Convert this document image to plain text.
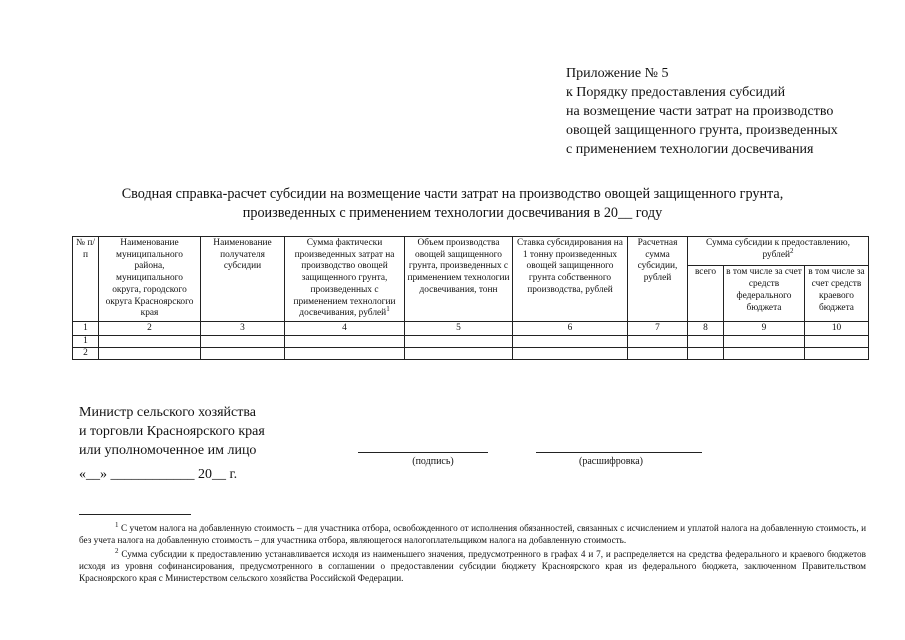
Приложение № 5
к Порядку предоставления субсидий
на возмещение части затрат на производство
овощей защищенного грунта, произведенных
с применением технологии досвечивания
Сводная справка-расчет субсидии на возмещение части затрат на производство овощей защищенного грунта,
произведенных с применением технологии досвечивания в 20__ году
№ п/п	Наименование муниципального района, муниципального округа, городского округа Красноярского края	Наименование получателя субсидии	Сумма фактически произведенных затрат на производство овощей защищенного грунта, произведенных с применением технологии досвечивания, рублей$^1$	Объем производства овощей защищенного грунта, произведенных с применением технологии досвечивания, тонн	Ставка субсидирования на 1 тонну произведенных овощей защищенного грунта собственного производства, рублей	Расчетная сумма субсидии, рублей	Сумма субсидии к предоставлению, рублей$^2$
							всего	в том числе за счет средств федерального бюджета	в том числе за счет средств краевого бюджета
1	2	3	4	5	6	7	8	9	10
1									
2									
Министр сельского хозяйства
и торговли Красноярского края
или уполномоченное им лицо
(подпись)	(расшифровка)
«__» ____________ 20__ г.
$^1$ С учетом налога на добавленную стоимость – для участника отбора, освобожденного от исполнения обязанностей, связанных с исчислением и уплатой налога на добавленную стоимость, и без учета налога на добавленную стоимость – для участника отбора, являющегося налогоплательщиком налога на добавленную стоимость.
$^2$ Сумма субсидии к предоставлению устанавливается исходя из наименьшего значения, предусмотренного в графах 4 и 7, и распределяется на средства федерального и краевого бюджетов исходя из уровня софинансирования, предусмотренного в соглашении о предоставлении субсидии бюджету Красноярского края из федерального бюджета, заключенном Правительством Красноярского края с Министерством сельского хозяйства Российской Федерации.
